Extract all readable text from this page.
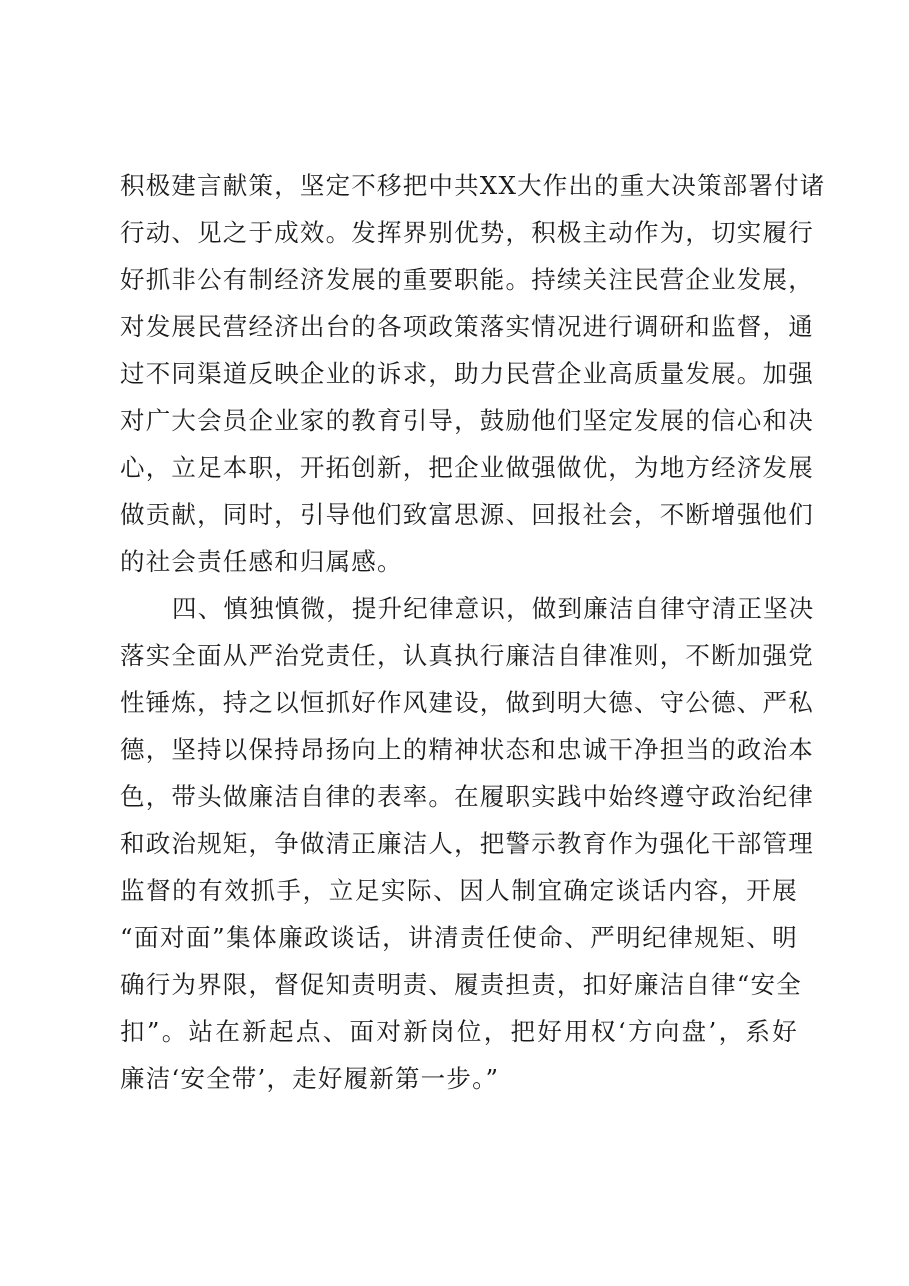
积极建言献策，坚定不移把中共XX大作出的重大决策部署付诸
行动、见之于成效。发挥界别优势，积极主动作为，切实履行
好抓非公有制经济发展的重要职能。持续关注民营企业发展，
对发展民营经济出台的各项政策落实情况进行调研和监督，通
过不同渠道反映企业的诉求，助力民营企业高质量发展。加强
对广大会员企业家的教育引导，鼓励他们坚定发展的信心和决
心，立足本职，开拓创新，把企业做强做优，为地方经济发展
做贡献，同时，引导他们致富思源、回报社会，不断增强他们
的社会责任感和归属感。
四、慎独慎微，提升纪律意识，做到廉洁自律守清正坚决
落实全面从严治党责任，认真执行廉洁自律准则，不断加强党
性锤炼，持之以恒抓好作风建设，做到明大德、守公德、严私
德，坚持以保持昂扬向上的精神状态和忠诚干净担当的政治本
色，带头做廉洁自律的表率。在履职实践中始终遵守政治纪律
和政治规矩，争做清正廉洁人，把警示教育作为强化干部管理
监督的有效抓手，立足实际、因人制宜确定谈话内容，开展
“面对面”集体廉政谈话，讲清责任使命、严明纪律规矩、明
确行为界限，督促知责明责、履责担责，扣好廉洁自律“安全
扣”。站在新起点、面对新岗位，把好用权‘方向盘’，系好
廉洁‘安全带’，走好履新第一步。”
